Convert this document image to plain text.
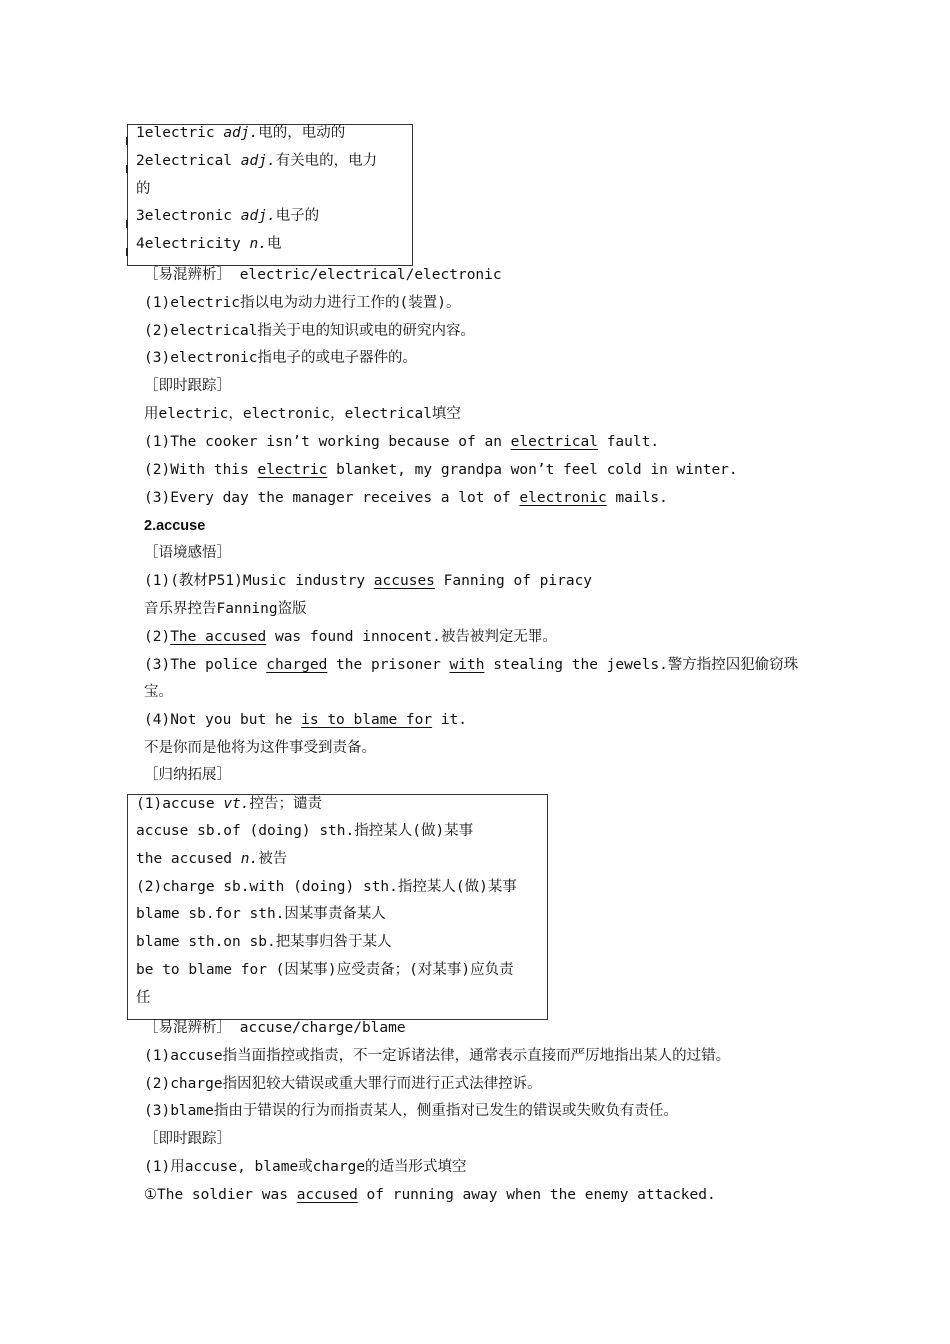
1electric adj.电的，电动的
2electrical adj.有关电的，电力
的
3electronic adj.电子的
4electricity n.电
［易混辨析］ electric/electrical/electronic
(1)electric指以电为动力进行工作的(装置)。
(2)electrical指关于电的知识或电的研究内容。
(3)electronic指电子的或电子器件的。
［即时跟踪］
用electric，electronic，electrical填空
(1)The cooker isn’t working because of an electrical fault.
(2)With this electric blanket, my grandpa won’t feel cold in winter.
(3)Every day the manager receives a lot of electronic mails.
2.accuse
［语境感悟］
(1)(教材P51)Music industry accuses Fanning of piracy
音乐界控告Fanning盗版
(2)The accused was found innocent.被告被判定无罪。
(3)The police charged the prisoner with stealing the jewels.警方指控囚犯偷窃珠
宝。
(4)Not you but he is to blame for it.
不是你而是他将为这件事受到责备。
［归纳拓展］
(1)accuse vt.控告；谴责
accuse sb.of (doing) sth.指控某人(做)某事
the accused n.被告
(2)charge sb.with (doing) sth.指控某人(做)某事
blame sb.for sth.因某事责备某人
blame sth.on sb.把某事归咎于某人
be to blame for (因某事)应受责备；(对某事)应负责
任
［易混辨析］ accuse/charge/blame
(1)accuse指当面指控或指责，不一定诉诸法律，通常表示直接而严厉地指出某人的过错。
(2)charge指因犯较大错误或重大罪行而进行正式法律控诉。
(3)blame指由于错误的行为而指责某人，侧重指对已发生的错误或失败负有责任。
［即时跟踪］
(1)用accuse, blame或charge的适当形式填空
①The soldier was accused of running away when the enemy attacked.
